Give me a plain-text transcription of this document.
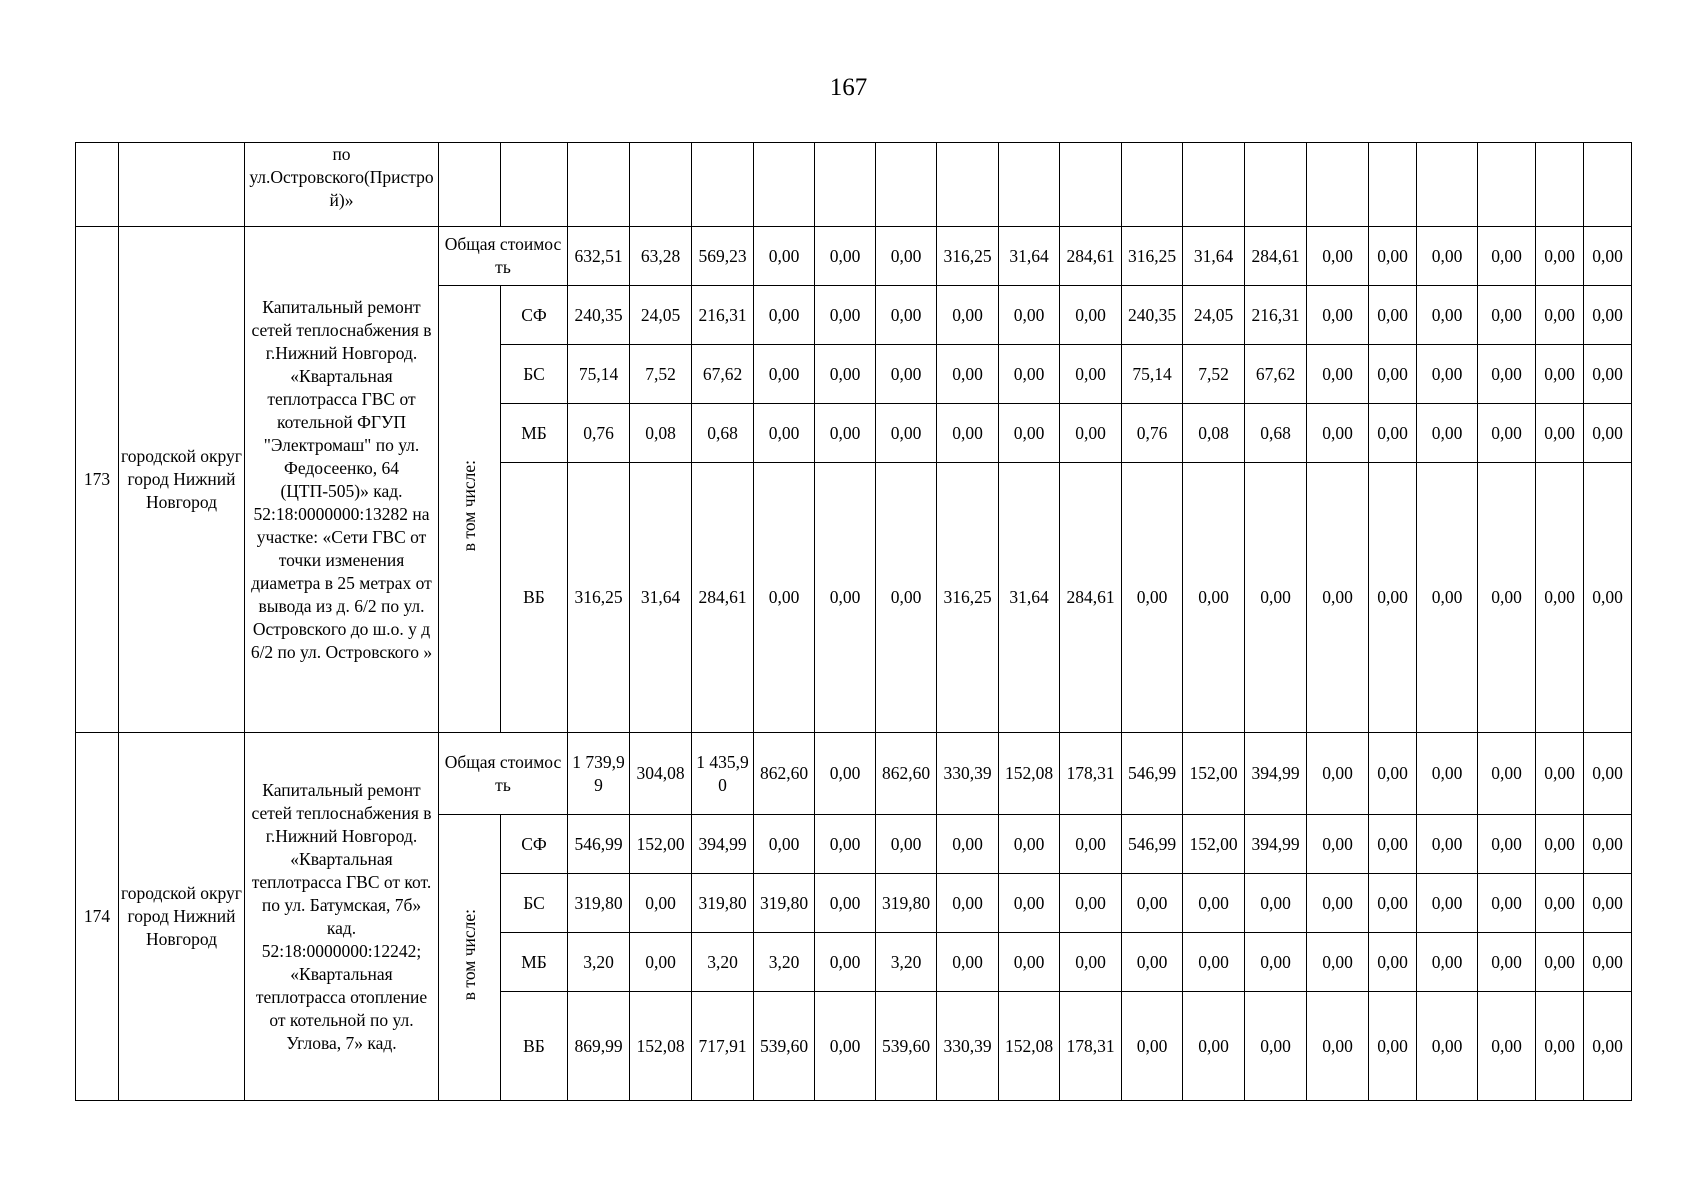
167
		по ул.Островского(Пристрой)»																				
173	городской округ город Нижний Новгород	Капитальный ремонт сетей теплоснабжения в г.Нижний Новгород. «Квартальная теплотрасса ГВС от котельной ФГУП "Электромаш" по ул. Федосеенко, 64 (ЦТП-505)» кад. 52:18:0000000:13282 на участке: «Сети ГВС от точки изменения диаметра в 25 метрах от вывода из д. 6/2 по ул. Островского до ш.о. у д 6/2 по ул. Островского »	Общая стоимость		632,51	63,28	569,23	0,00	0,00	0,00	316,25	31,64	284,61	316,25	31,64	284,61	0,00	0,00	0,00	0,00	0,00	0,00
			в том числе:	СФ	240,35	24,05	216,31	0,00	0,00	0,00	0,00	0,00	0,00	240,35	24,05	216,31	0,00	0,00	0,00	0,00	0,00	0,00
				БС	75,14	7,52	67,62	0,00	0,00	0,00	0,00	0,00	0,00	75,14	7,52	67,62	0,00	0,00	0,00	0,00	0,00	0,00
				МБ	0,76	0,08	0,68	0,00	0,00	0,00	0,00	0,00	0,00	0,76	0,08	0,68	0,00	0,00	0,00	0,00	0,00	0,00
				ВБ	316,25	31,64	284,61	0,00	0,00	0,00	316,25	31,64	284,61	0,00	0,00	0,00	0,00	0,00	0,00	0,00	0,00	0,00
174	городской округ город Нижний Новгород	Капитальный ремонт сетей теплоснабжения в г.Нижний Новгород. «Квартальная теплотрасса ГВС от кот. по ул. Батумская, 7б» кад. 52:18:0000000:12242; «Квартальная теплотрасса отопление от котельной по ул. Углова, 7» кад.	Общая стоимость		1 739,99	304,08	1 435,90	862,60	0,00	862,60	330,39	152,08	178,31	546,99	152,00	394,99	0,00	0,00	0,00	0,00	0,00	0,00
			в том числе:	СФ	546,99	152,00	394,99	0,00	0,00	0,00	0,00	0,00	0,00	546,99	152,00	394,99	0,00	0,00	0,00	0,00	0,00	0,00
				БС	319,80	0,00	319,80	319,80	0,00	319,80	0,00	0,00	0,00	0,00	0,00	0,00	0,00	0,00	0,00	0,00	0,00	0,00
				МБ	3,20	0,00	3,20	3,20	0,00	3,20	0,00	0,00	0,00	0,00	0,00	0,00	0,00	0,00	0,00	0,00	0,00	0,00
				ВБ	869,99	152,08	717,91	539,60	0,00	539,60	330,39	152,08	178,31	0,00	0,00	0,00	0,00	0,00	0,00	0,00	0,00	0,00
